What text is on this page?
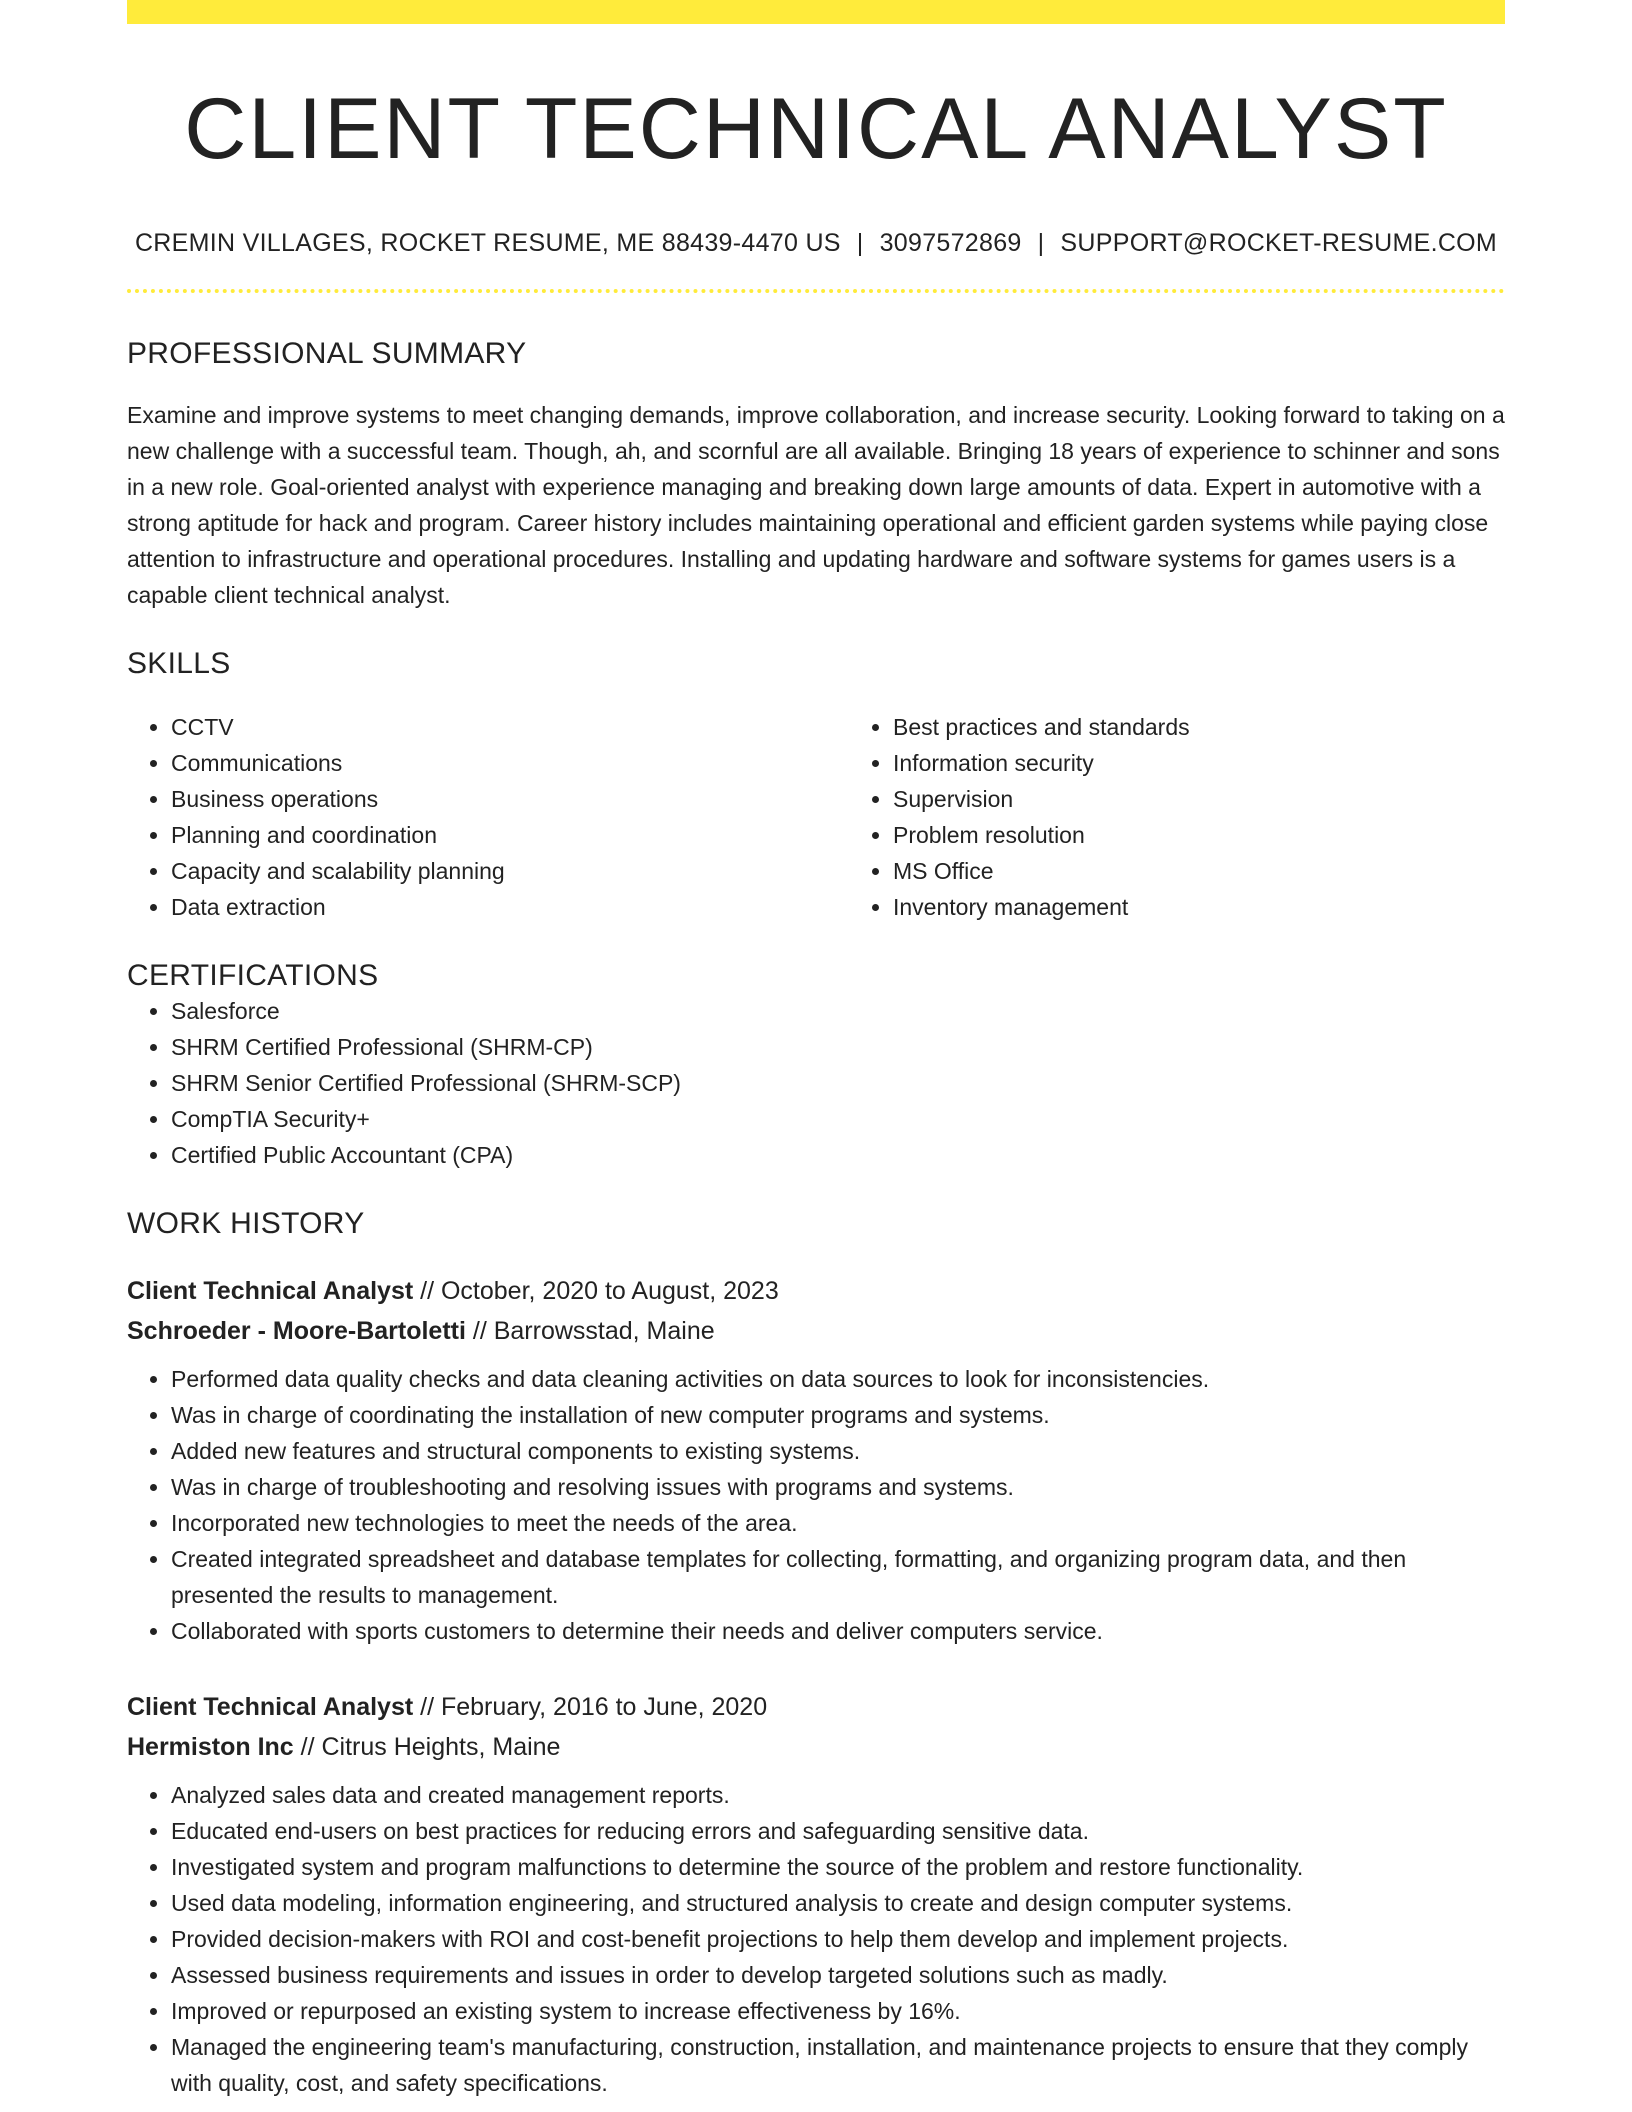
CLIENT TECHNICAL ANALYST
CREMIN VILLAGES, ROCKET RESUME, ME 88439-4470 US | 3097572869 | SUPPORT@ROCKET-RESUME.COM
PROFESSIONAL SUMMARY
Examine and improve systems to meet changing demands, improve collaboration, and increase security. Looking forward to taking on a new challenge with a successful team. Though, ah, and scornful are all available. Bringing 18 years of experience to schinner and sons in a new role. Goal-oriented analyst with experience managing and breaking down large amounts of data. Expert in automotive with a strong aptitude for hack and program. Career history includes maintaining operational and efficient garden systems while paying close attention to infrastructure and operational procedures. Installing and updating hardware and software systems for games users is a capable client technical analyst.
SKILLS
• CCTV
• Communications
• Business operations
• Planning and coordination
• Capacity and scalability planning
• Data extraction
• Best practices and standards
• Information security
• Supervision
• Problem resolution
• MS Office
• Inventory management
CERTIFICATIONS
• Salesforce
• SHRM Certified Professional (SHRM-CP)
• SHRM Senior Certified Professional (SHRM-SCP)
• CompTIA Security+
• Certified Public Accountant (CPA)
WORK HISTORY
Client Technical Analyst // October, 2020 to August, 2023
Schroeder - Moore-Bartoletti // Barrowsstad, Maine
• Performed data quality checks and data cleaning activities on data sources to look for inconsistencies.
• Was in charge of coordinating the installation of new computer programs and systems.
• Added new features and structural components to existing systems.
• Was in charge of troubleshooting and resolving issues with programs and systems.
• Incorporated new technologies to meet the needs of the area.
• Created integrated spreadsheet and database templates for collecting, formatting, and organizing program data, and then presented the results to management.
• Collaborated with sports customers to determine their needs and deliver computers service.
Client Technical Analyst // February, 2016 to June, 2020
Hermiston Inc // Citrus Heights, Maine
• Analyzed sales data and created management reports.
• Educated end-users on best practices for reducing errors and safeguarding sensitive data.
• Investigated system and program malfunctions to determine the source of the problem and restore functionality.
• Used data modeling, information engineering, and structured analysis to create and design computer systems.
• Provided decision-makers with ROI and cost-benefit projections to help them develop and implement projects.
• Assessed business requirements and issues in order to develop targeted solutions such as madly.
• Improved or repurposed an existing system to increase effectiveness by 16%.
• Managed the engineering team's manufacturing, construction, installation, and maintenance projects to ensure that they comply with quality, cost, and safety specifications.
